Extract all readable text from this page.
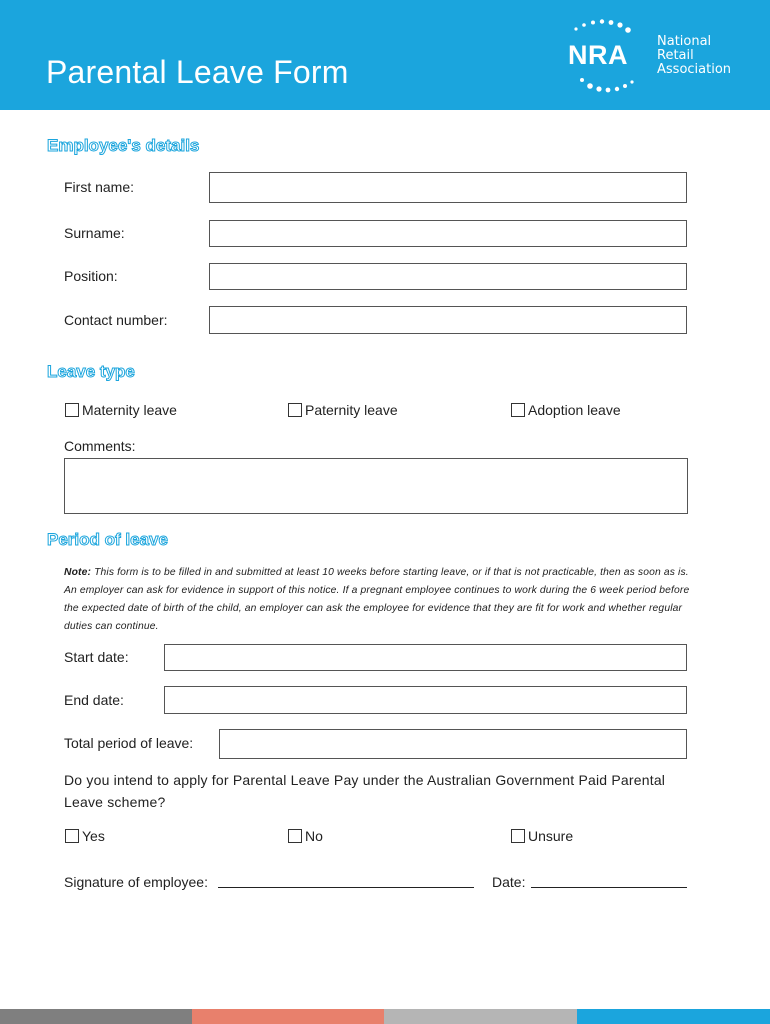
Parental Leave Form	NRA National
Retail
Association
Employee's details
First name:
Surname:
Position:
Contact number:
Leave type
Maternity leave	Paternity leave	Adoption leave
Comments:
Period of leave
Note: This form is to be filled in and submitted at least 10 weeks before starting leave, or if that is not practicable, then as soon as is. An employer can ask for evidence in support of this notice. If a pregnant employee continues to work during the 6 week period before the expected date of birth of the child, an employer can ask the employee for evidence that they are fit for work and whether regular duties can continue.
Start date:
End date:
Total period of leave:
Do you intend to apply for Parental Leave Pay under the Australian Government Paid Parental Leave scheme?
Yes	No	Unsure
Signature of employee:	Date:
